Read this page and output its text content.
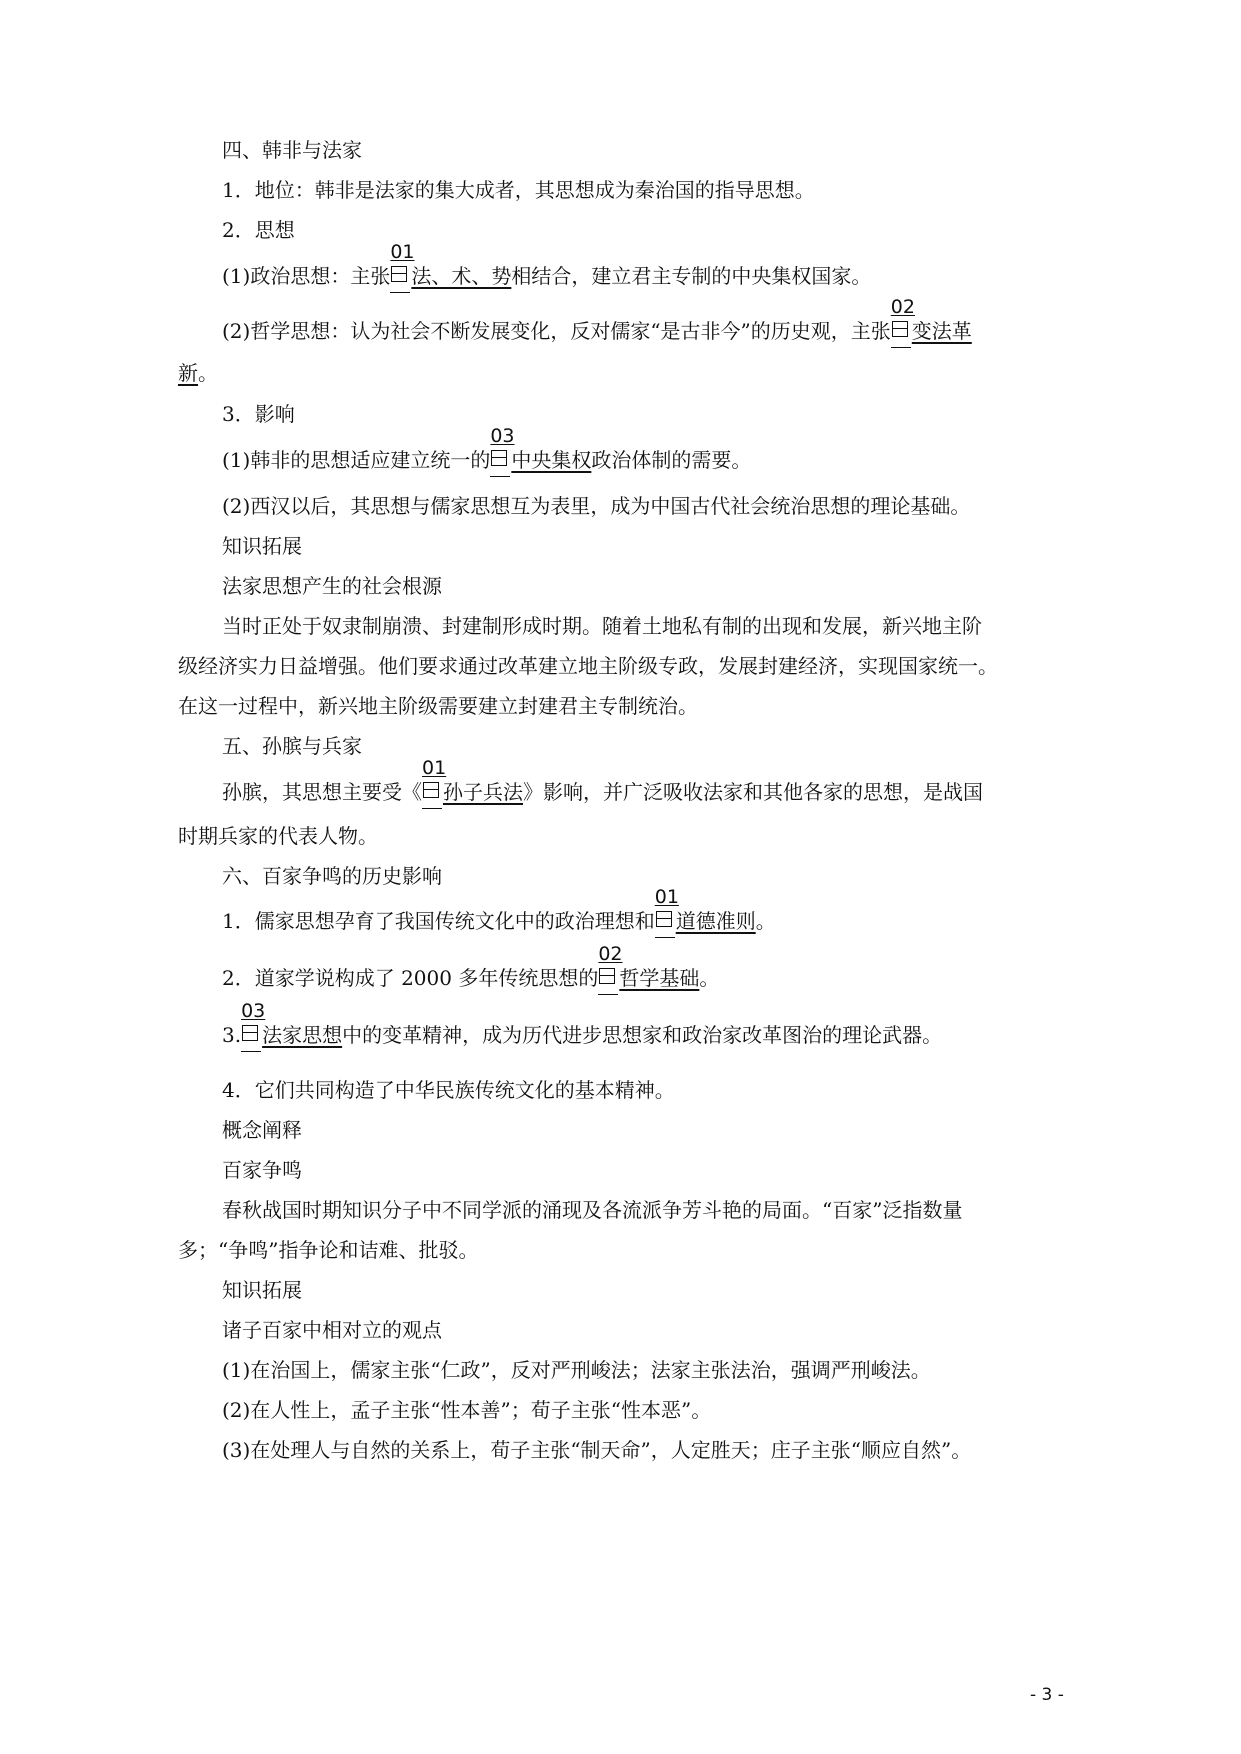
四、韩非与法家
1．地位：韩非是法家的集大成者，其思想成为秦治国的指导思想。
2．思想
(1)政治思想：主张
01
法、术、势相结合，建立君主专制的中央集权国家。
(2)哲学思想：认为社会不断发展变化，反对儒家“是古非今”的历史观，主张
02
变法革
新。
3．影响
(1)韩非的思想适应建立统一的
03
中央集权政治体制的需要。
(2)西汉以后，其思想与儒家思想互为表里，成为中国古代社会统治思想的理论基础。
知识拓展
法家思想产生的社会根源
当时正处于奴隶制崩溃、封建制形成时期。随着土地私有制的出现和发展，新兴地主阶
级经济实力日益增强。他们要求通过改革建立地主阶级专政，发展封建经济，实现国家统一。
在这一过程中，新兴地主阶级需要建立封建君主专制统治。
五、孙膑与兵家
孙膑，其思想主要受《
01
孙子兵法》影响，并广泛吸收法家和其他各家的思想，是战国
时期兵家的代表人物。
六、百家争鸣的历史影响
1．儒家思想孕育了我国传统文化中的政治理想和
01
道德准则。
2．道家学说构成了 2000 多年传统思想的
02
哲学基础。
3.
03
法家思想中的变革精神，成为历代进步思想家和政治家改革图治的理论武器。
4．它们共同构造了中华民族传统文化的基本精神。
概念阐释
百家争鸣
春秋战国时期知识分子中不同学派的涌现及各流派争芳斗艳的局面。“百家”泛指数量
多；“争鸣”指争论和诘难、批驳。
知识拓展
诸子百家中相对立的观点
(1)在治国上，儒家主张“仁政”，反对严刑峻法；法家主张法治，强调严刑峻法。
(2)在人性上，孟子主张“性本善”；荀子主张“性本恶”。
(3)在处理人与自然的关系上，荀子主张“制天命”，人定胜天；庄子主张“顺应自然”。
- 3 -
